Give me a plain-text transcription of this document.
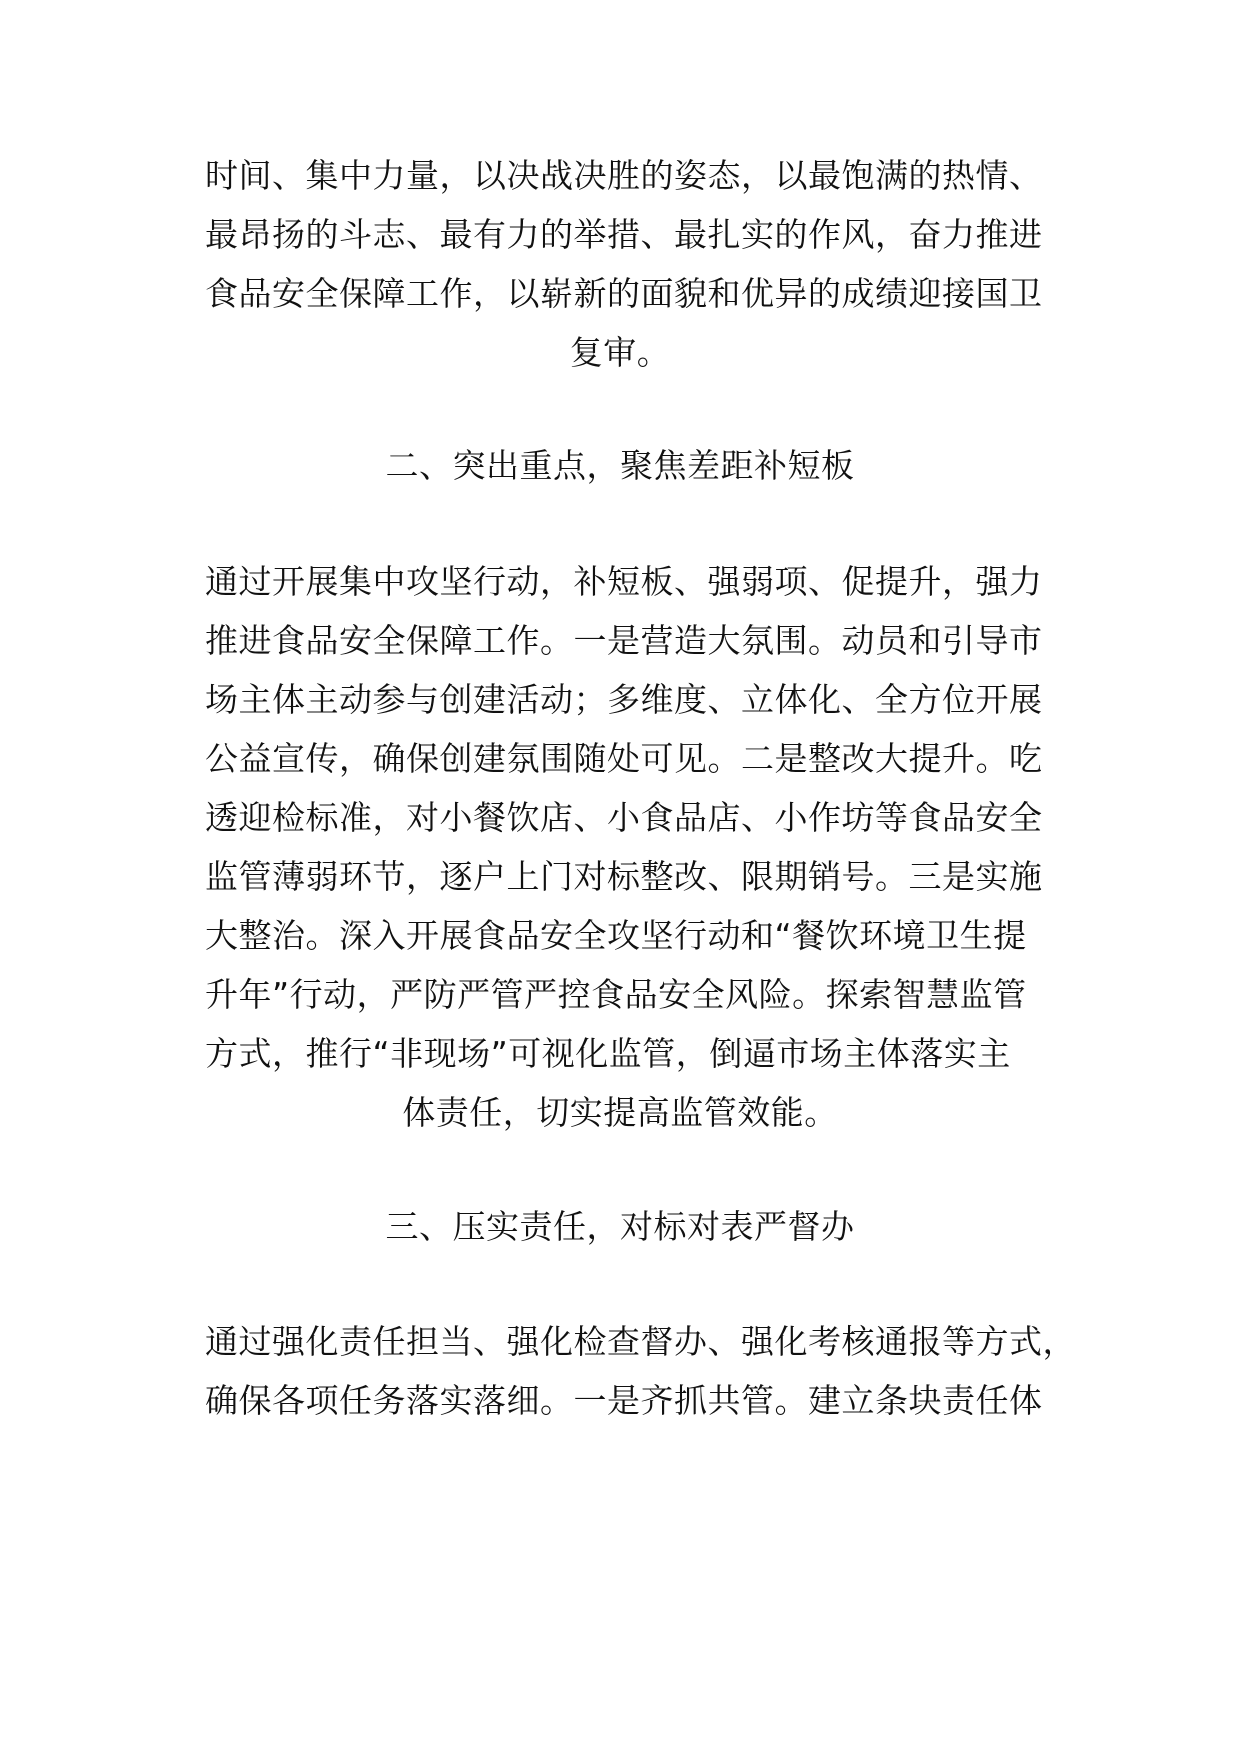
时间、集中力量，以决战决胜的姿态，以最饱满的热情、
最昂扬的斗志、最有力的举措、最扎实的作风，奋力推进
食品安全保障工作，以崭新的面貌和优异的成绩迎接国卫
复审。
二、突出重点，聚焦差距补短板
通过开展集中攻坚行动，补短板、强弱项、促提升，强力
推进食品安全保障工作。一是营造大氛围。动员和引导市
场主体主动参与创建活动；多维度、立体化、全方位开展
公益宣传，确保创建氛围随处可见。二是整改大提升。吃
透迎检标准，对小餐饮店、小食品店、小作坊等食品安全
监管薄弱环节，逐户上门对标整改、限期销号。三是实施
大整治。深入开展食品安全攻坚行动和“餐饮环境卫生提
升年”行动，严防严管严控食品安全风险。探索智慧监管
方式，推行“非现场”可视化监管，倒逼市场主体落实主
体责任，切实提高监管效能。
三、压实责任，对标对表严督办
通过强化责任担当、强化检查督办、强化考核通报等方式，
确保各项任务落实落细。一是齐抓共管。建立条块责任体
